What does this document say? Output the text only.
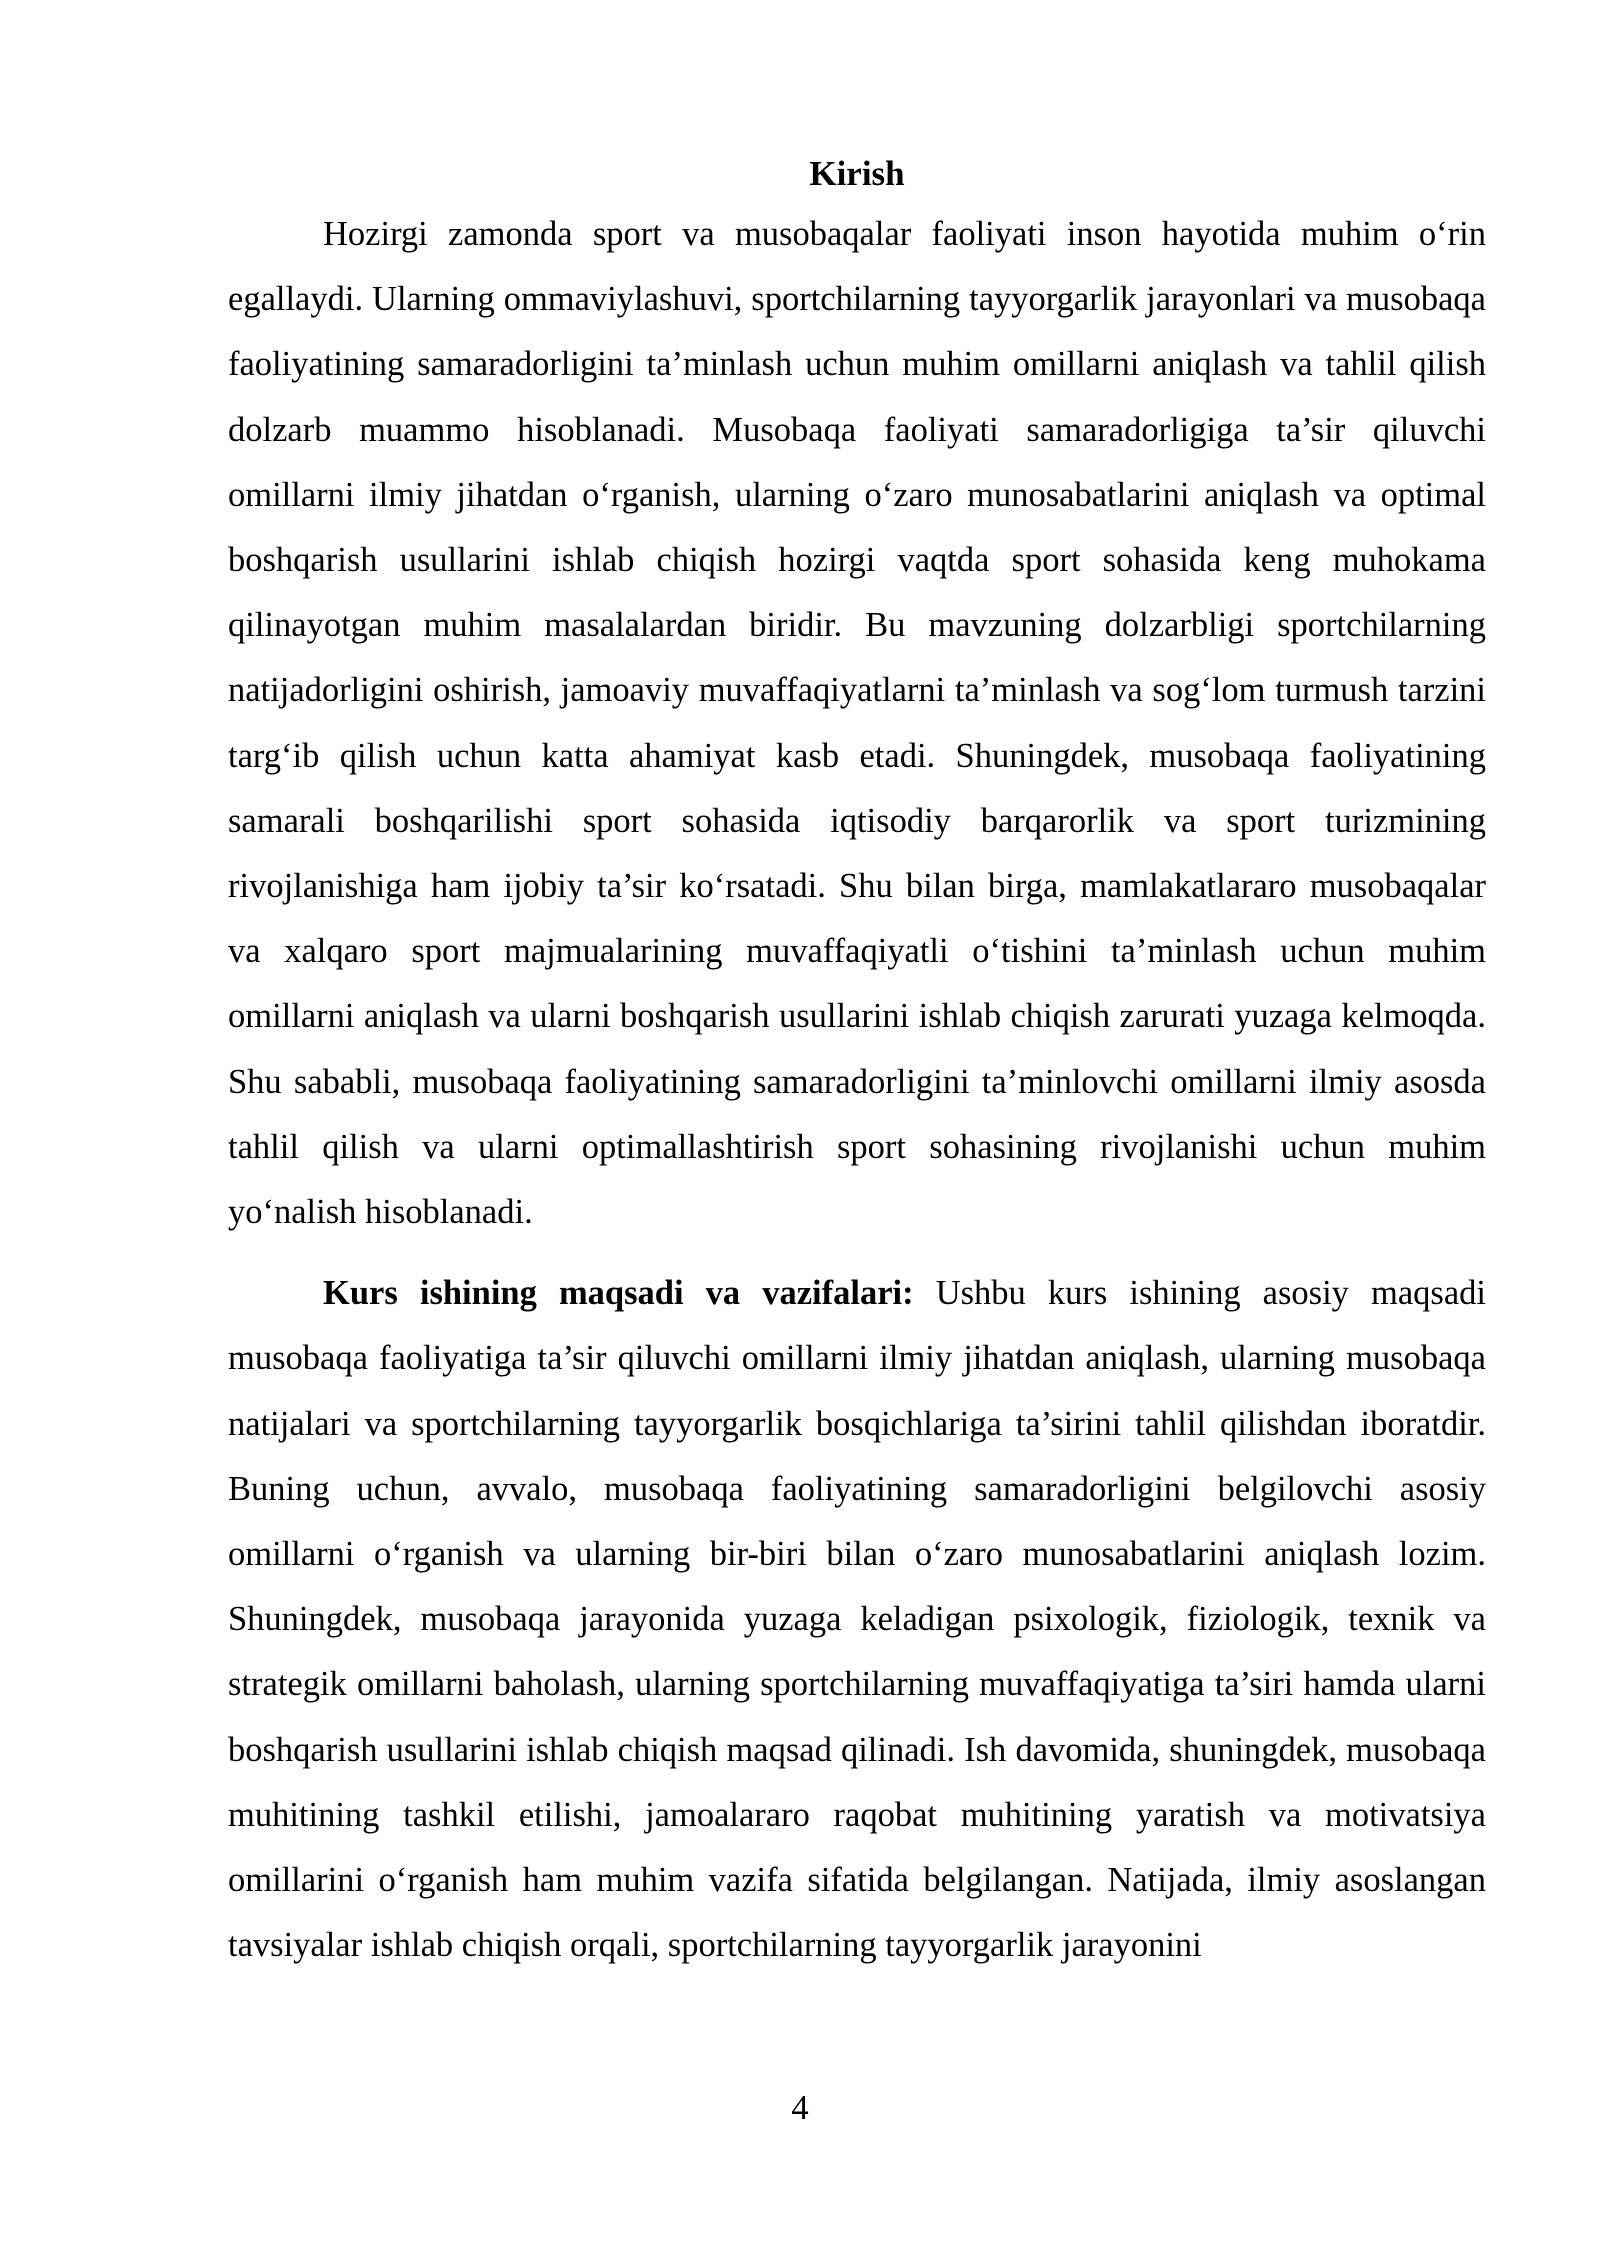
Kirish

Hozirgi zamonda sport va musobaqalar faoliyati inson hayotida muhim o‘rin egallaydi. Ularning ommaviylashuvi, sportchilarning tayyorgarlik jarayonlari va musobaqa faoliyatining samaradorligini ta’minlash uchun muhim omillarni aniqlash va tahlil qilish dolzarb muammo hisoblanadi. Musobaqa faoliyati samaradorligiga ta’sir qiluvchi omillarni ilmiy jihatdan o‘rganish, ularning o‘zaro munosabatlarini aniqlash va optimal boshqarish usullarini ishlab chiqish hozirgi vaqtda sport sohasida keng muhokama qilinayotgan muhim masalalardan biridir. Bu mavzuning dolzarbligi sportchilarning natijadorligini oshirish, jamoaviy muvaffaqiyatlarni ta’minlash va sog‘lom turmush tarzini targ‘ib qilish uchun katta ahamiyat kasb etadi. Shuningdek, musobaqa faoliyatining samarali boshqarilishi sport sohasida iqtisodiy barqarorlik va sport turizmining rivojlanishiga ham ijobiy ta’sir ko‘rsatadi. Shu bilan birga, mamlakatlararo musobaqalar va xalqaro sport majmualarining muvaffaqiyatli o‘tishini ta’minlash uchun muhim omillarni aniqlash va ularni boshqarish usullarini ishlab chiqish zarurati yuzaga kelmoqda. Shu sababli, musobaqa faoliyatining samaradorligini ta’minlovchi omillarni ilmiy asosda tahlil qilish va ularni optimallashtirish sport sohasining rivojlanishi uchun muhim yo‘nalish hisoblanadi.

Kurs ishining maqsadi va vazifalari: Ushbu kurs ishining asosiy maqsadi musobaqa faoliyatiga ta’sir qiluvchi omillarni ilmiy jihatdan aniqlash, ularning musobaqa natijalari va sportchilarning tayyorgarlik bosqichlariga ta’sirini tahlil qilishdan iboratdir. Buning uchun, avvalo, musobaqa faoliyatining samaradorligini belgilovchi asosiy omillarni o‘rganish va ularning bir-biri bilan o‘zaro munosabatlarini aniqlash lozim. Shuningdek, musobaqa jarayonida yuzaga keladigan psixologik, fiziologik, texnik va strategik omillarni baholash, ularning sportchilarning muvaffaqiyatiga ta’siri hamda ularni boshqarish usullarini ishlab chiqish maqsad qilinadi. Ish davomida, shuningdek, musobaqa muhitining tashkil etilishi, jamoalararo raqobat muhitining yaratish va motivatsiya omillarini o‘rganish ham muhim vazifa sifatida belgilangan. Natijada, ilmiy asoslangan tavsiyalar ishlab chiqish orqali, sportchilarning tayyorgarlik jarayonini

4
